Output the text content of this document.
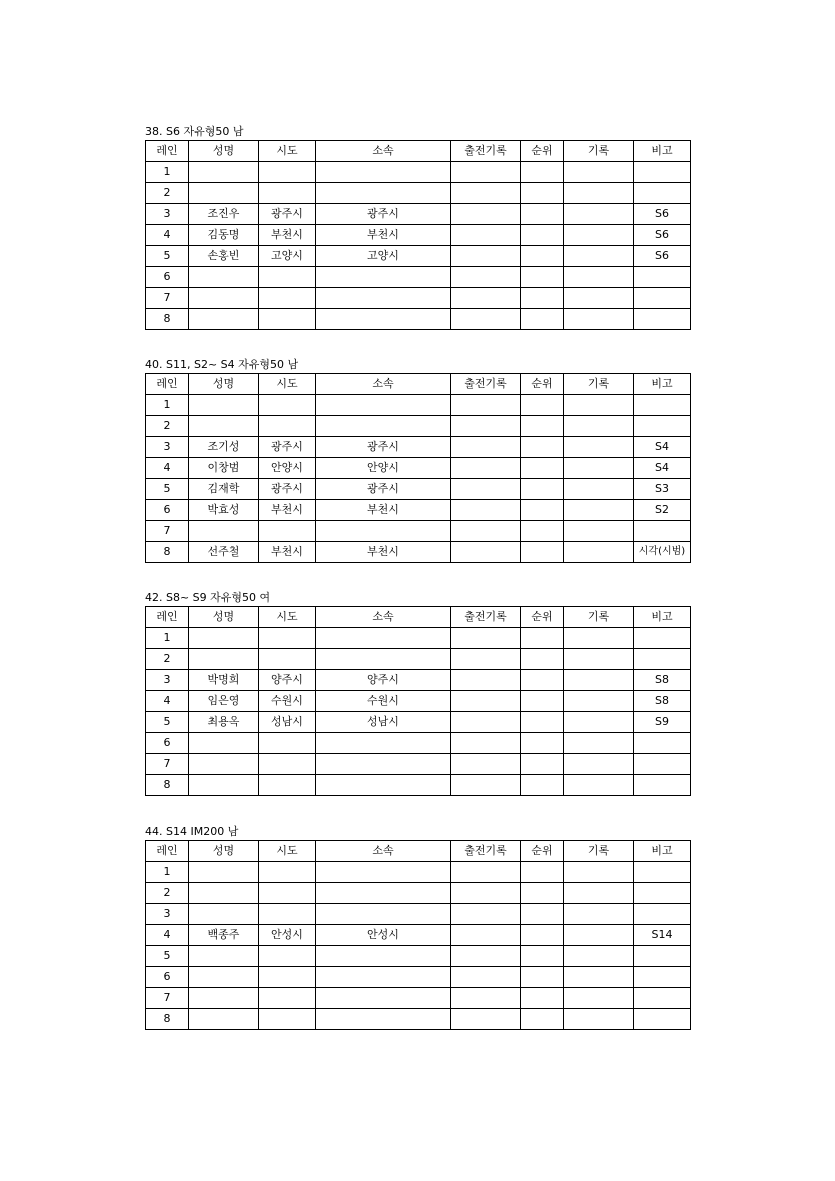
38. S6 자유형50 남
레인	성명	시도	소속	출전기록	순위	기록	비고
1							
2							
3	조진우	광주시	광주시				S6
4	김동명	부천시	부천시				S6
5	손홍빈	고양시	고양시				S6
6							
7							
8							
40. S11, S2~ S4 자유형50 남
레인	성명	시도	소속	출전기록	순위	기록	비고
1							
2							
3	조기성	광주시	광주시				S4
4	이창범	안양시	안양시				S4
5	김재학	광주시	광주시				S3
6	박효성	부천시	부천시				S2
7							
8	선주철	부천시	부천시				시각(시범)
42. S8~ S9 자유형50 여
레인	성명	시도	소속	출전기록	순위	기록	비고
1							
2							
3	박명희	양주시	양주시				S8
4	임은영	수원시	수원시				S8
5	최용옥	성남시	성남시				S9
6							
7							
8							
44. S14 IM200 남
레인	성명	시도	소속	출전기록	순위	기록	비고
1							
2							
3							
4	백종주	안성시	안성시				S14
5							
6							
7							
8							
